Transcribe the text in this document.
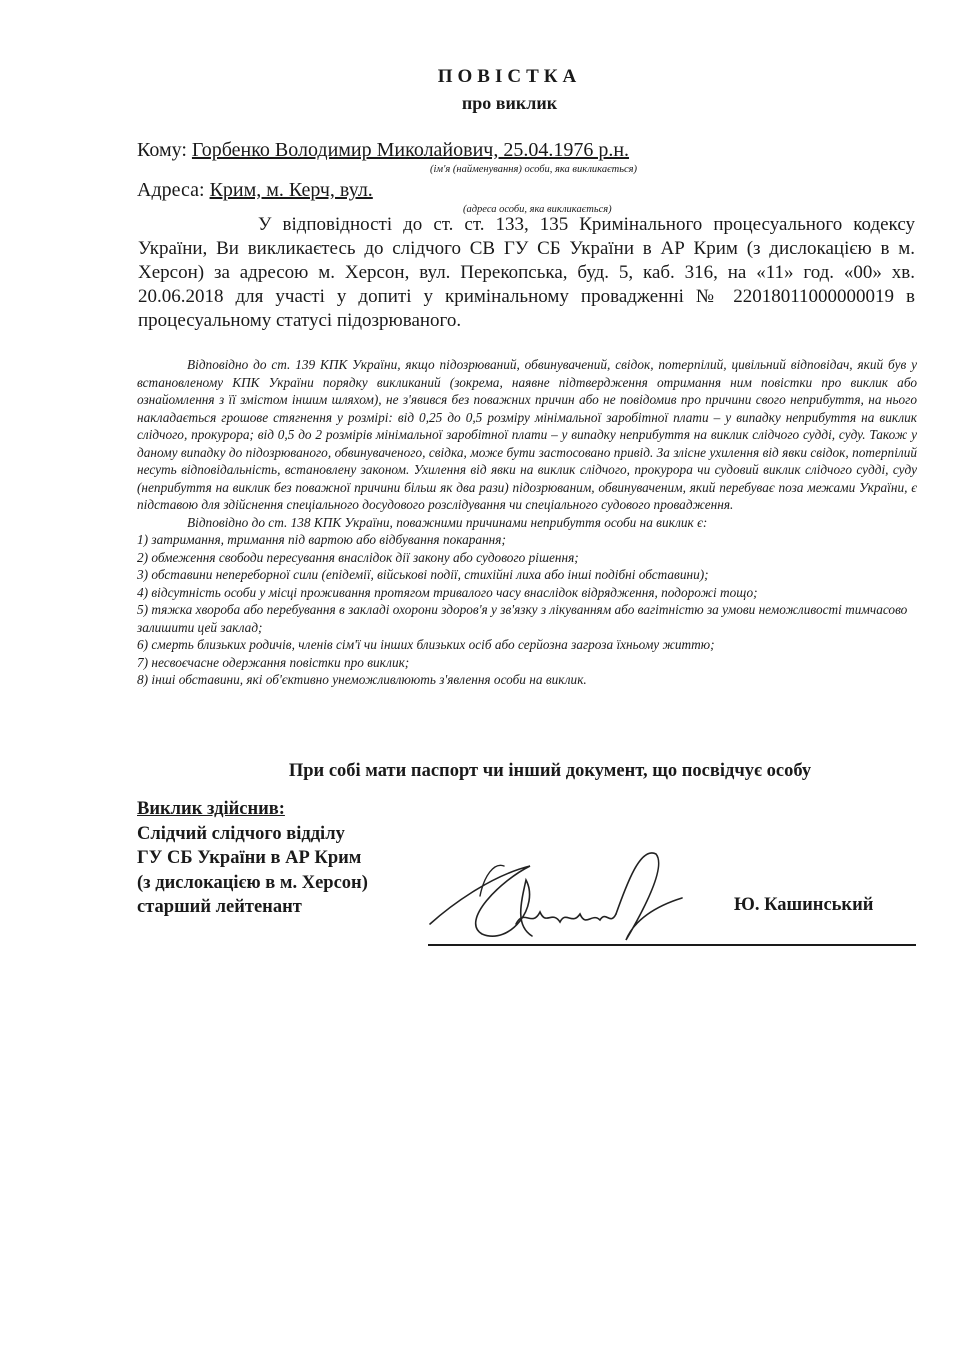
ПОВІСТКА
про виклик
Кому: Горбенко Володимир Миколайович, 25.04.1976 р.н.
(ім'я (найменування) особи, яка викликається)
Адреса: Крим, м. Керч, вул.
(адреса особи, яка викликається)

У відповідності до ст. ст. 133, 135 Кримінального процесуального кодексу України, Ви викликаєтесь до слідчого СВ ГУ СБ України в АР Крим (з дислокацією в м. Херсон) за адресою м. Херсон, вул. Перекопська, буд. 5, каб. 316, на «11» год. «00» хв. 20.06.2018 для участі у допиті у кримінальному провадженні № 22018011000000019 в процесуальному статусі підозрюваного.

Відповідно до ст. 139 КПК України, якщо підозрюваний, обвинувачений, свідок, потерпілий, цивільний відповідач, який був у встановленому КПК України порядку викликаний (зокрема, наявне підтвердження отримання ним повістки про виклик або ознайомлення з її змістом іншим шляхом), не з'явився без поважних причин або не повідомив про причини свого неприбуття, на нього накладається грошове стягнення у розмірі: від 0,25 до 0,5 розміру мінімальної заробітної плати – у випадку неприбуття на виклик слідчого, прокурора; від 0,5 до 2 розмірів мінімальної заробітної плати – у випадку неприбуття на виклик слідчого судді, суду. Також у даному випадку до підозрюваного, обвинуваченого, свідка, може бути застосовано привід. За злісне ухилення від явки свідок, потерпілий несуть відповідальність, встановлену законом. Ухилення від явки на виклик слідчого, прокурора чи судовий виклик слідчого судді, суду (неприбуття на виклик без поважної причини більш як два рази) підозрюваним, обвинуваченим, який перебуває поза межами України, є підставою для здійснення спеціального досудового розслідування чи спеціального судового провадження.

Відповідно до ст. 138 КПК України, поважними причинами неприбуття особи на виклик є:

1) затримання, тримання під вартою або відбування покарання;
2) обмеження свободи пересування внаслідок дії закону або судового рішення;
3) обставини непереборної сили (епідемії, військові події, стихійні лиха або інші подібні обставини);
4) відсутність особи у місці проживання протягом тривалого часу внаслідок відрядження, подорожі тощо;
5) тяжка хвороба або перебування в закладі охорони здоров'я у зв'язку з лікуванням або вагітністю за умови неможливості тимчасово залишити цей заклад;
6) смерть близьких родичів, членів сім'ї чи інших близьких осіб або серйозна загроза їхньому життю;
7) несвоєчасне одержання повістки про виклик;
8) інші обставини, які об'єктивно унеможливлюють з'явлення особи на виклик.
При собі мати паспорт чи інший документ, що посвідчує особу
Виклик здійснив:
Слідчий слідчого відділу
ГУ СБ України в АР Крим
(з дислокацією в м. Херсон)
старший лейтенант	Ю. Кашинський
